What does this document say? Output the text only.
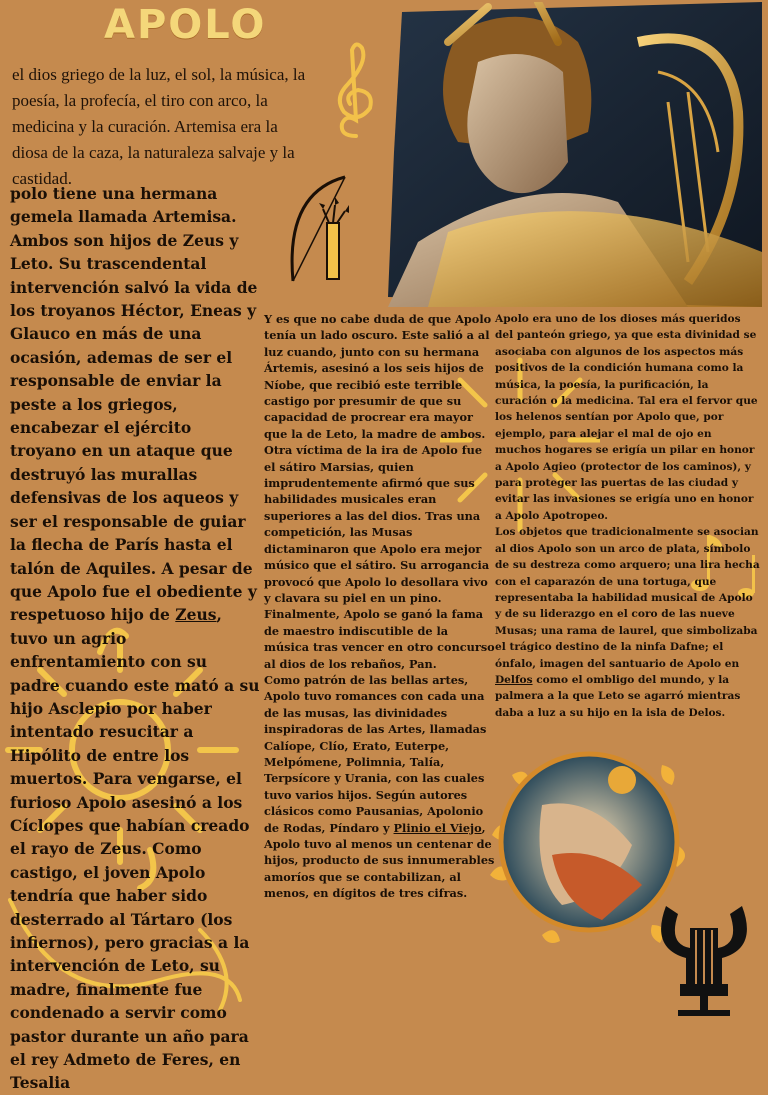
APOLO

el dios griego de la luz, el sol, la música, la poesía, la profecía, el tiro con arco, la medicina y la curación. Artemisa era la diosa de la caza, la naturaleza salvaje y la castidad.

polo tiene una hermana gemela llamada Artemisa. Ambos son hijos de Zeus y Leto. Su trascendental intervención salvó la vida de los troyanos Héctor, Eneas y Glauco en más de una ocasión, ademas de ser el responsable de enviar la peste a los griegos, encabezar el ejército troyano en un ataque que destruyó las murallas defensivas de los aqueos y ser el responsable de guiar la flecha de París hasta el talón de Aquiles. A pesar de que Apolo fue el obediente y respetuoso hijo de Zeus, tuvo un agrio enfrentamiento con su padre cuando este mató a su hijo Asclepio por haber intentado resucitar a Hipólito de entre los muertos. Para vengarse, el furioso Apolo asesinó a los Cíclopes que habían creado el rayo de Zeus. Como castigo, el joven Apolo tendría que haber sido desterrado al Tártaro (los infiernos), pero gracias a la intervención de Leto, su madre, finalmente fue condenado a servir como pastor durante un año para el rey Admeto de Feres, en Tesalia

Y es que no cabe duda de que Apolo tenía un lado oscuro. Este salió a al luz cuando, junto con su hermana Ártemis, asesinó a los seis hijos de Níobe, que recibió este terrible castigo por presumir de que su capacidad de procrear era mayor que la de Leto, la madre de ambos. Otra víctima de la ira de Apolo fue el sátiro Marsias, quien imprudentemente afirmó que sus habilidades musicales eran superiores a las del dios. Tras una competición, las Musas dictaminaron que Apolo era mejor músico que el sátiro. Su arrogancia provocó que Apolo lo desollara vivo y clavara su piel en un pino. Finalmente, Apolo se ganó la fama de maestro indiscutible de la música tras vencer en otro concurso al dios de los rebaños, Pan.
Como patrón de las bellas artes, Apolo tuvo romances con cada una de las musas, las divinidades inspiradoras de las Artes, llamadas Calíope, Clío, Erato, Euterpe, Melpómene, Polimnia, Talía, Terpsícore y Urania, con las cuales tuvo varios hijos. Según autores clásicos como Pausanias, Apolonio de Rodas, Píndaro y Plinio el Viejo, Apolo tuvo al menos un centenar de hijos, producto de sus innumerables amoríos que se contabilizan, al menos, en dígitos de tres cifras.
Apolo era uno de los dioses más queridos del panteón griego, ya que esta divinidad se asociaba con algunos de los aspectos más positivos de la condición humana como la música, la poesía, la purificación, la curación o la medicina. Tal era el fervor que los helenos sentían por Apolo que, por ejemplo, para alejar el mal de ojo en muchos hogares se erigía un pilar en honor a Apolo Agieo (protector de los caminos), y para proteger las puertas de las ciudad y evitar las invasiones se erigía uno en honor a Apolo Apotropeo.
Los objetos que tradicionalmente se asocian al dios Apolo son un arco de plata, símbolo de su destreza como arquero; una lira hecha con el caparazón de una tortuga, que representaba la habilidad musical de Apolo y de su liderazgo en el coro de las nueve Musas; una rama de laurel, que simbolizaba el trágico destino de la ninfa Dafne; el ónfalo, imagen del santuario de Apolo en Delfos como el ombligo del mundo, y la palmera a la que Leto se agarró mientras daba a luz a su hijo en la isla de Delos.
